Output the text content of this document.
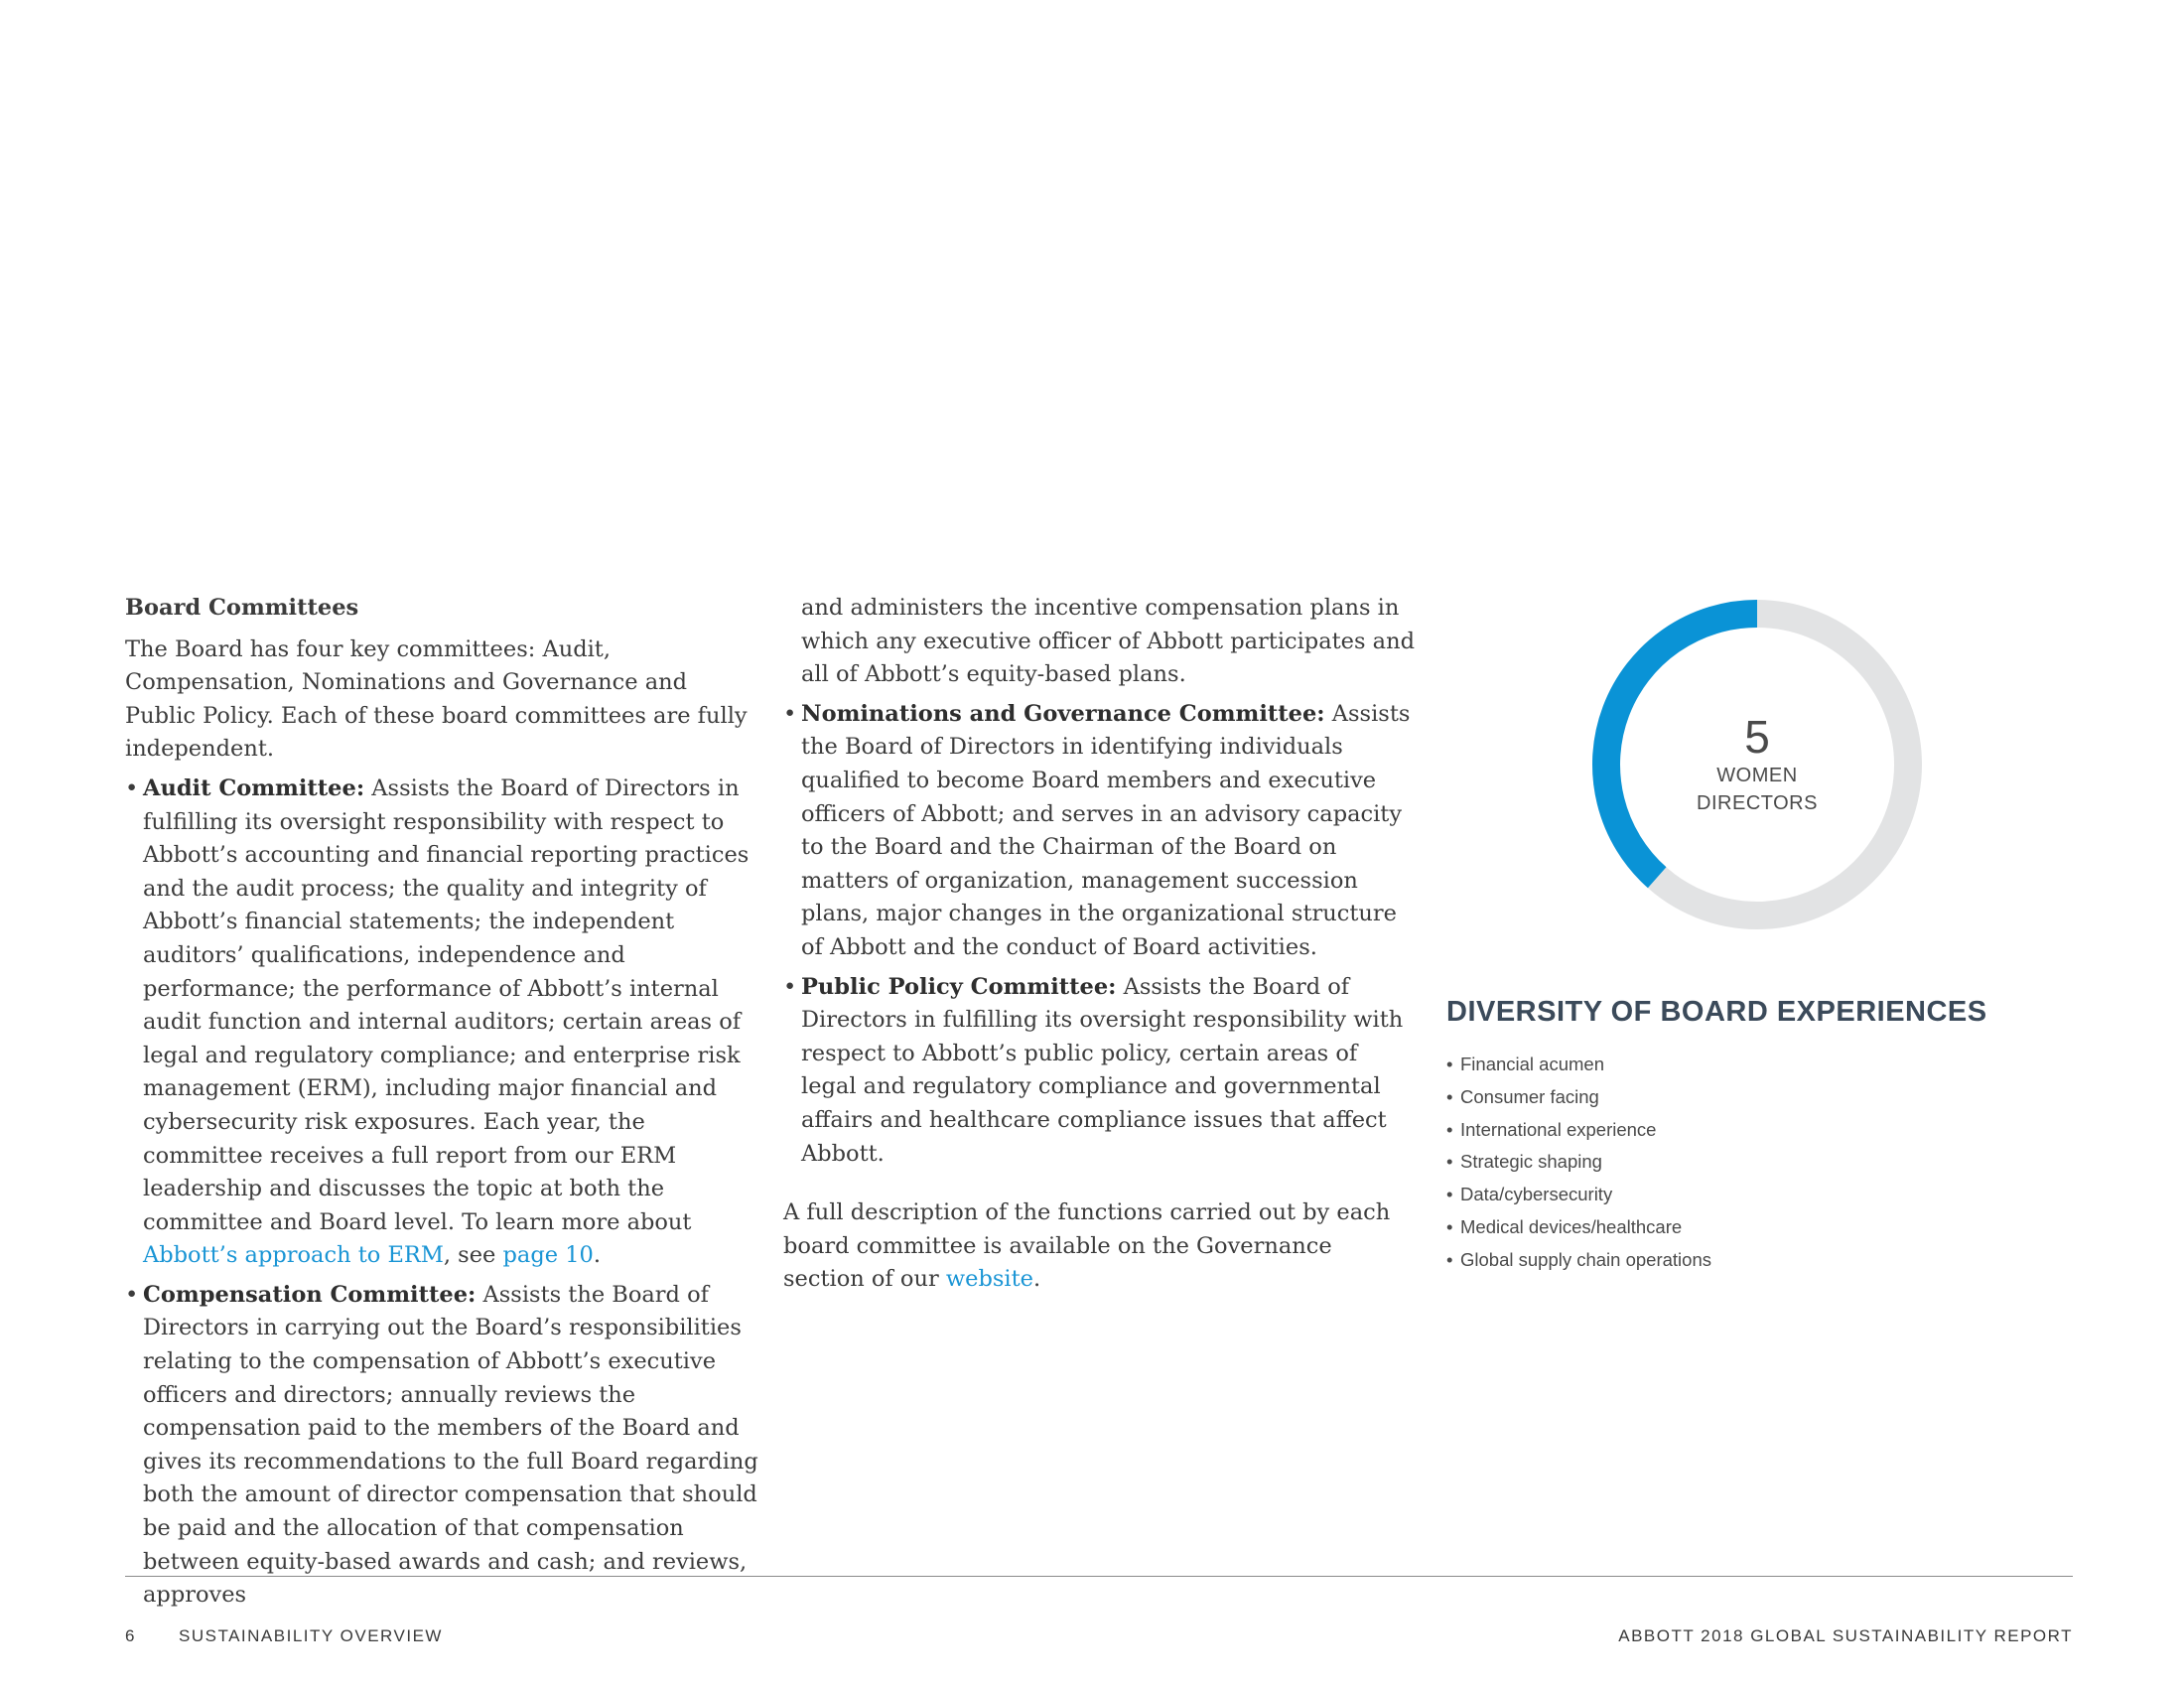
Board Committees

The Board has four key committees: Audit, Compensation, Nominations and Governance and Public Policy. Each of these board committees are fully independent.

• Audit Committee: Assists the Board of Directors in fulfilling its oversight responsibility with respect to Abbott’s accounting and financial reporting practices and the audit process; the quality and integrity of Abbott’s financial statements; the independent auditors’ qualifications, independence and performance; the performance of Abbott’s internal audit function and internal auditors; certain areas of legal and regulatory compliance; and enterprise risk management (ERM), including major financial and cybersecurity risk exposures. Each year, the committee receives a full report from our ERM leadership and discusses the topic at both the committee and Board level. To learn more about Abbott’s approach to ERM, see page 10.
• Compensation Committee: Assists the Board of Directors in carrying out the Board’s responsibilities relating to the compensation of Abbott’s executive officers and directors; annually reviews the compensation paid to the members of the Board and gives its recommendations to the full Board regarding both the amount of director compensation that should be paid and the allocation of that compensation between equity-based awards and cash; and reviews, approves
and administers the incentive compensation plans in which any executive officer of Abbott participates and all of Abbott’s equity-based plans.
• Nominations and Governance Committee: Assists the Board of Directors in identifying individuals qualified to become Board members and executive officers of Abbott; and serves in an advisory capacity to the Board and the Chairman of the Board on matters of organization, management succession plans, major changes in the organizational structure of Abbott and the conduct of Board activities.
• Public Policy Committee: Assists the Board of Directors in fulfilling its oversight responsibility with respect to Abbott’s public policy, certain areas of legal and regulatory compliance and governmental affairs and healthcare compliance issues that affect Abbott.

A full description of the functions carried out by each board committee is available on the Governance section of our website.

5
WOMEN
DIRECTORS
DIVERSITY OF BOARD EXPERIENCES
• Financial acumen
• Consumer facing
• International experience
• Strategic shaping
• Data/cybersecurity
• Medical devices/healthcare
• Global supply chain operations
6	SUSTAINABILITY OVERVIEW	ABBOTT 2018 GLOBAL SUSTAINABILITY REPORT
